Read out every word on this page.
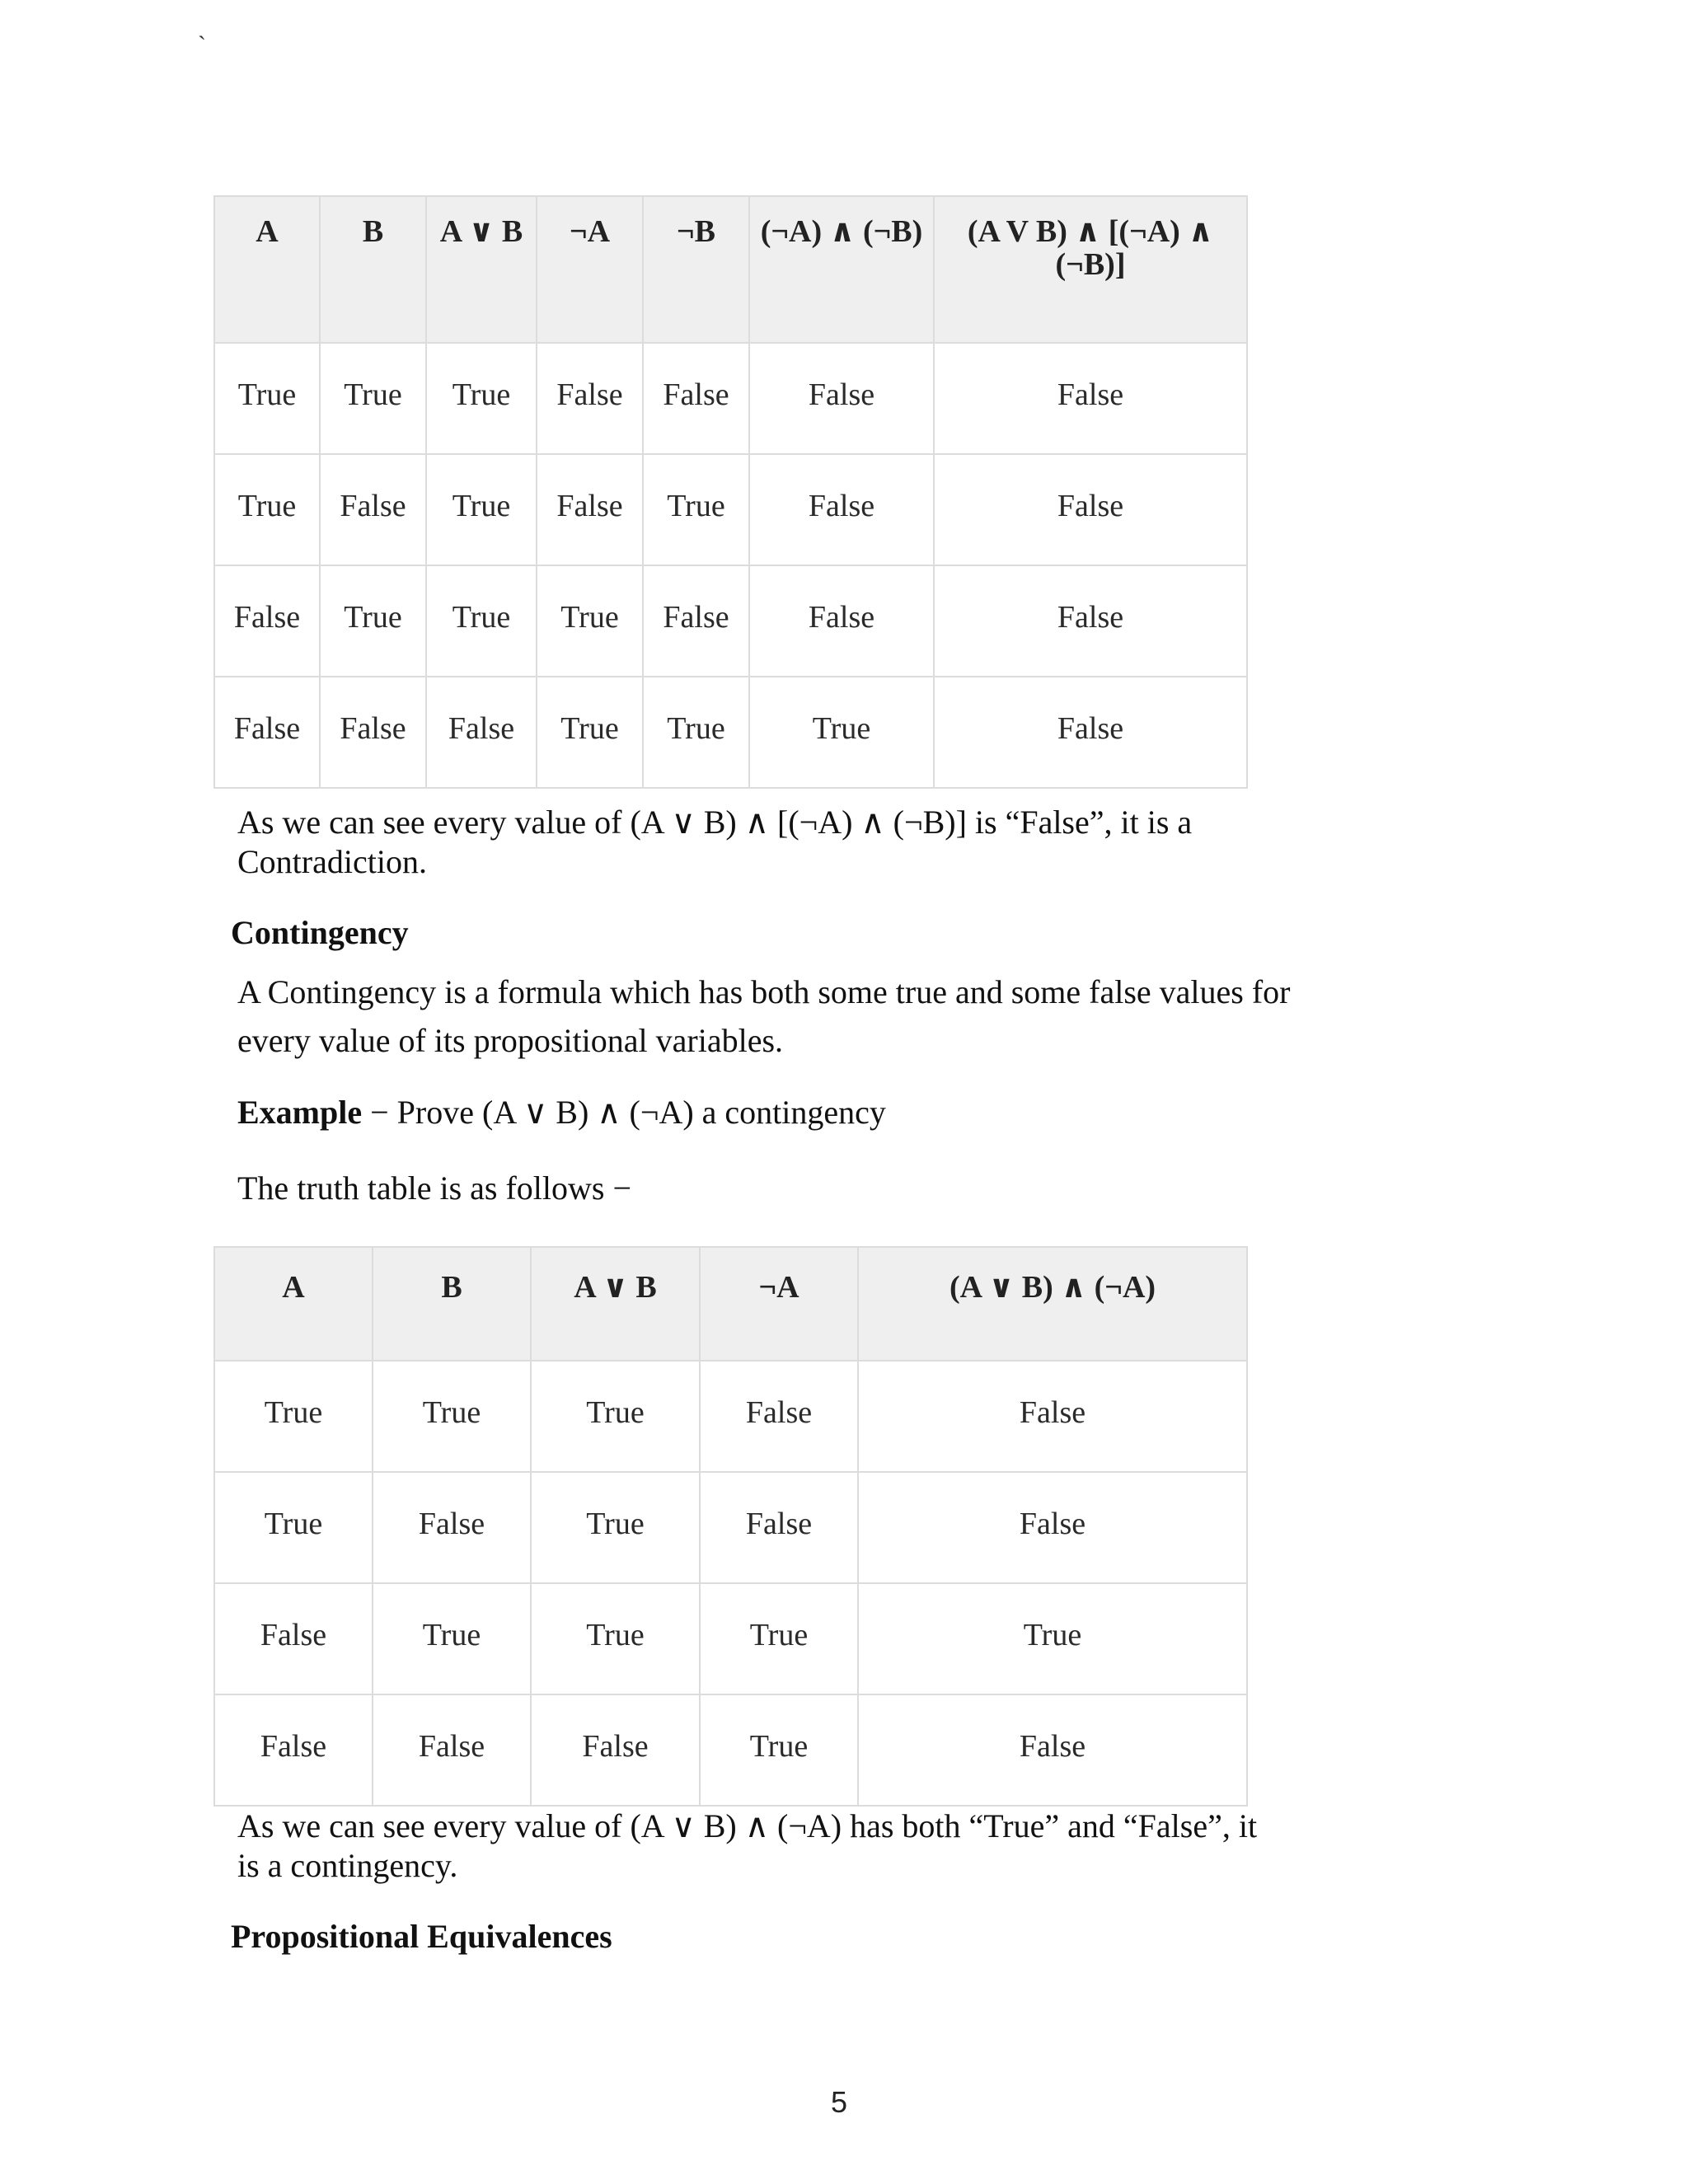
`
A	B	A ∨ B	¬A	¬B	(¬A) ∧ (¬B)	(A V B) ∧ [(¬A) ∧ (¬B)]
True	True	True	False	False	False	False
True	False	True	False	True	False	False
False	True	True	True	False	False	False
False	False	False	True	True	True	False
As we can see every value of (A ∨ B) ∧ [(¬A) ∧ (¬B)] is “False”, it is a Contradiction.
Contingency
A Contingency is a formula which has both some true and some false values for every value of its propositional variables.
Example − Prove (A ∨ B) ∧ (¬A) a contingency
The truth table is as follows −
A	B	A ∨ B	¬A	(A ∨ B) ∧ (¬A)
True	True	True	False	False
True	False	True	False	False
False	True	True	True	True
False	False	False	True	False
As we can see every value of (A ∨ B) ∧ (¬A) has both “True” and “False”, it is a contingency.
Propositional Equivalences
5
